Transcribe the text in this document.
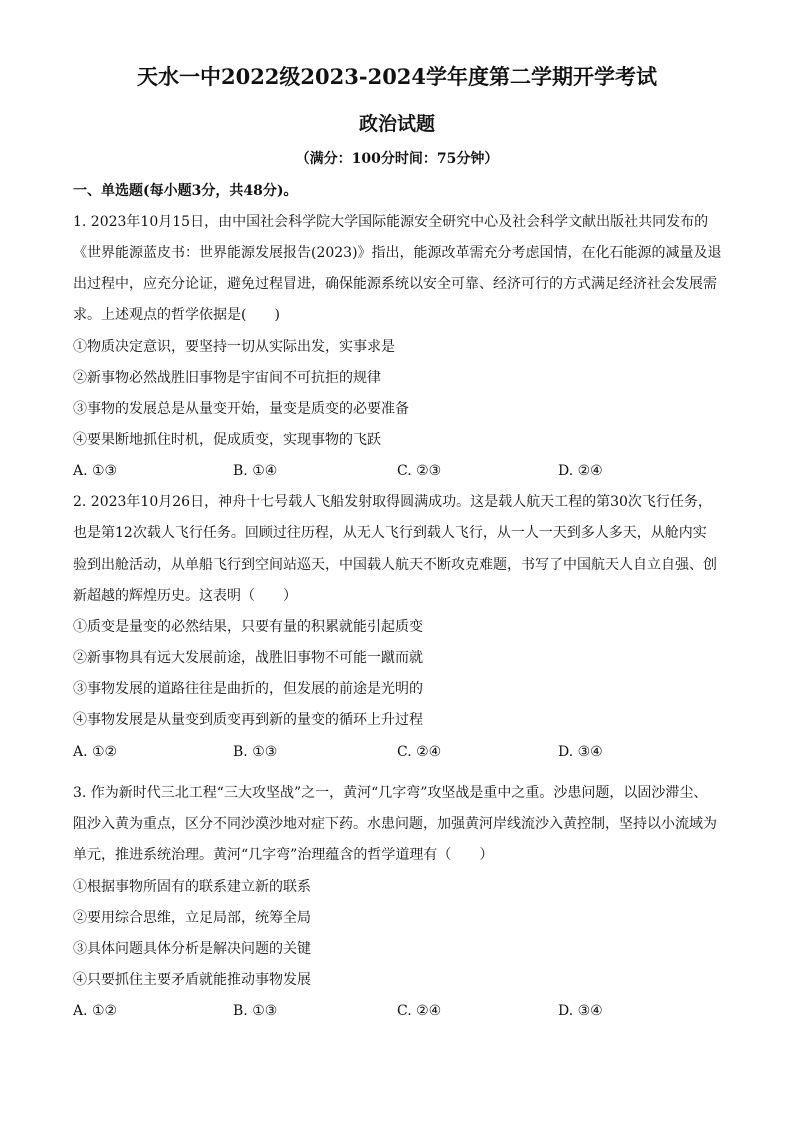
天水一中2022级2023-2024学年度第二学期开学考试
政治试题
（满分：100分时间：75分钟）
一、单选题(每小题3分，共48分)。
1. 2023年10月15日，由中国社会科学院大学国际能源安全研究中心及社会科学文献出版社共同发布的
《世界能源蓝皮书：世界能源发展报告(2023)》指出，能源改革需充分考虑国情，在化石能源的减量及退
出过程中，应充分论证，避免过程冒进，确保能源系统以安全可靠、经济可行的方式满足经济社会发展需
求。上述观点的哲学依据是(　　)
①物质决定意识，要坚持一切从实际出发，实事求是
②新事物必然战胜旧事物是宇宙间不可抗拒的规律
③事物的发展总是从量变开始，量变是质变的必要准备
④要果断地抓住时机，促成质变，实现事物的飞跃
A. ①③	B. ①④	C. ②③	D. ②④
2. 2023年10月26日，神舟十七号载人飞船发射取得圆满成功。这是载人航天工程的第30次飞行任务，
也是第12次载人飞行任务。回顾过往历程，从无人飞行到载人飞行，从一人一天到多人多天，从舱内实
验到出舱活动，从单船飞行到空间站巡天，中国载人航天不断攻克难题，书写了中国航天人自立自强、创
新超越的辉煌历史。这表明（　　）
①质变是量变的必然结果，只要有量的积累就能引起质变
②新事物具有远大发展前途，战胜旧事物不可能一蹴而就
③事物发展的道路往往是曲折的，但发展的前途是光明的
④事物发展是从量变到质变再到新的量变的循环上升过程
A. ①②	B. ①③	C. ②④	D. ③④
3. 作为新时代三北工程“三大攻坚战”之一，黄河“几字弯”攻坚战是重中之重。沙患问题，以固沙滞尘、
阻沙入黄为重点，区分不同沙漠沙地对症下药。水患问题，加强黄河岸线流沙入黄控制，坚持以小流域为
单元，推进系统治理。黄河“几字弯”治理蕴含的哲学道理有（　　）
①根据事物所固有的联系建立新的联系
②要用综合思维，立足局部，统筹全局
③具体问题具体分析是解决问题的关键
④只要抓住主要矛盾就能推动事物发展
A. ①②	B. ①③	C. ②④	D. ③④
